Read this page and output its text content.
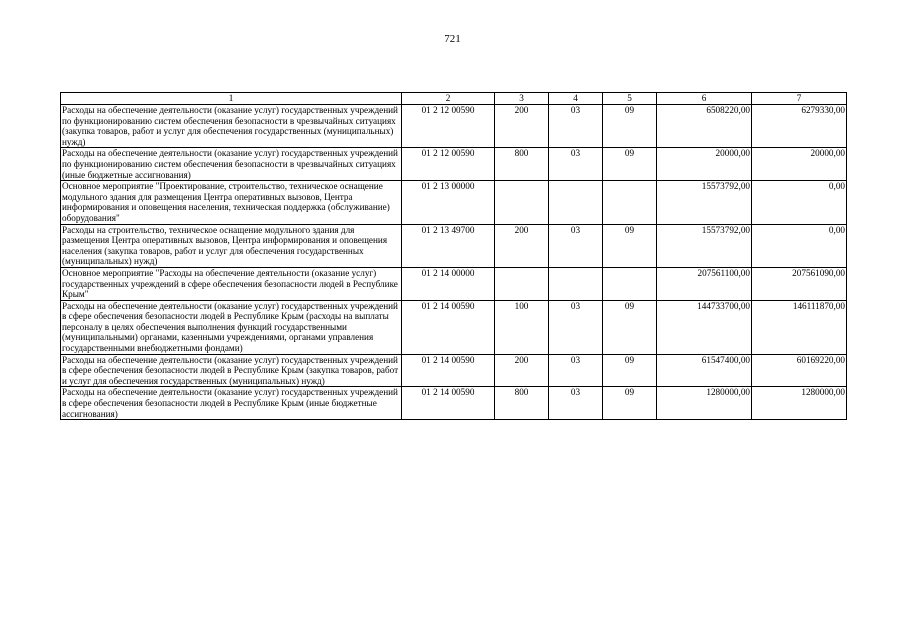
721
1	2	3	4	5	6	7
Расходы на обеспечение деятельности (оказание услуг) государственных учреждений по функционированию систем обеспечения безопасности в чрезвычайных ситуациях (закупка товаров, работ и услуг для обеспечения государственных (муниципальных) нужд)	01 2 12 00590	200	03	09	6508220,00	6279330,00
Расходы на обеспечение деятельности (оказание услуг) государственных учреждений по функционированию систем обеспечения безопасности в чрезвычайных ситуациях (иные бюджетные ассигнования)	01 2 12 00590	800	03	09	20000,00	20000,00
Основное мероприятие "Проектирование, строительство, техническое оснащение модульного здания для размещения Центра оперативных вызовов, Центра информирования и оповещения населения, техническая поддержка (обслуживание) оборудования"	01 2 13 00000				15573792,00	0,00
Расходы на строительство, техническое оснащение модульного здания для размещения Центра оперативных вызовов, Центра информирования и оповещения населения (закупка товаров, работ и услуг для обеспечения государственных (муниципальных) нужд)	01 2 13 49700	200	03	09	15573792,00	0,00
Основное мероприятие "Расходы на обеспечение деятельности (оказание услуг) государственных учреждений в сфере обеспечения безопасности людей в Республике Крым"	01 2 14 00000				207561100,00	207561090,00
Расходы на обеспечение деятельности (оказание услуг) государственных учреждений в сфере обеспечения безопасности людей в Республике Крым (расходы на выплаты персоналу в целях обеспечения выполнения функций государственными (муниципальными) органами, казенными учреждениями, органами управления государственными внебюджетными фондами)	01 2 14 00590	100	03	09	144733700,00	146111870,00
Расходы на обеспечение деятельности (оказание услуг) государственных учреждений в сфере обеспечения безопасности людей в Республике Крым (закупка товаров, работ и услуг для обеспечения государственных (муниципальных) нужд)	01 2 14 00590	200	03	09	61547400,00	60169220,00
Расходы на обеспечение деятельности (оказание услуг) государственных учреждений в сфере обеспечения безопасности людей в Республике Крым (иные бюджетные ассигнования)	01 2 14 00590	800	03	09	1280000,00	1280000,00
